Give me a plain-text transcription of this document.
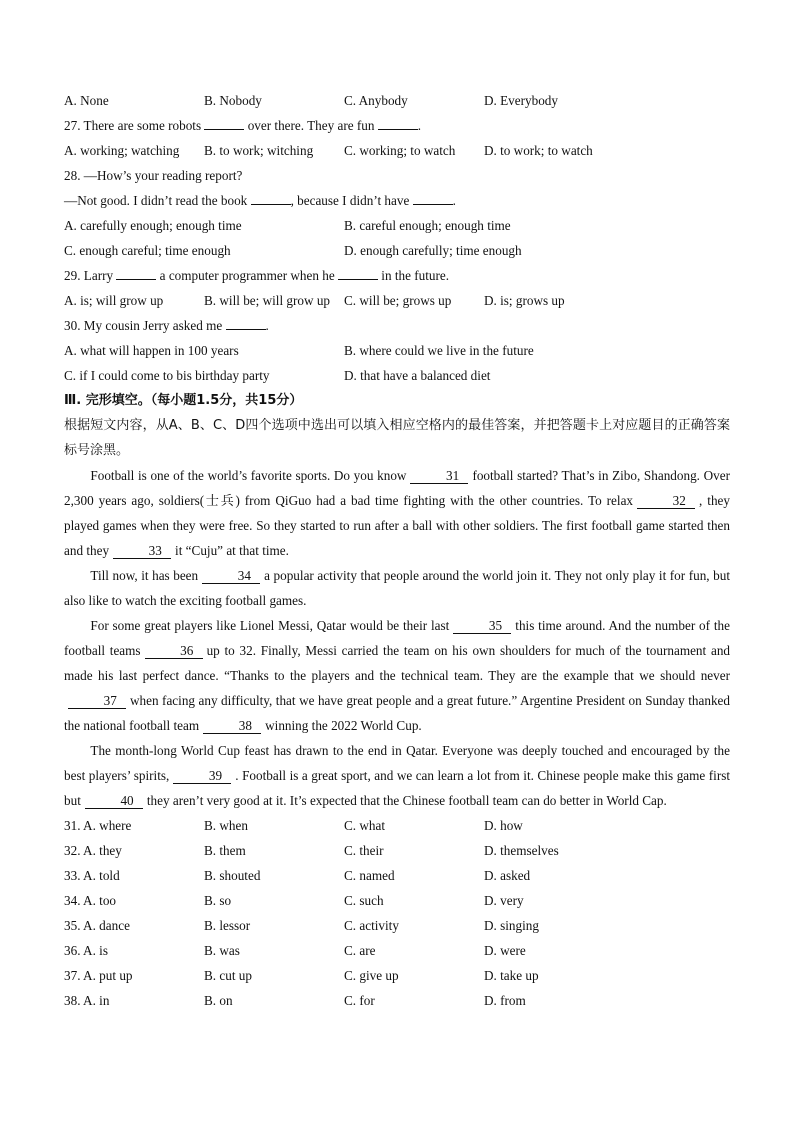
A. None	B. Nobody	C. Anybody	D. Everybody
27. There are some robots	over there. They are fun	.
A. working; watching	B. to work; witching	C. working; to watch	D. to work; to watch
28. —How’s your reading report?
—Not good. I didn’t read the book	, because I didn’t have	.
A. carefully enough; enough time	B. careful enough; enough time
C. enough careful; time enough	D. enough carefully; time enough
29. Larry	a computer programmer when he	in the future.
A. is; will grow up	B. will be; will grow up	C. will be; grows up	D. is; grows up
30. My cousin Jerry asked me	.
A. what will happen in 100 years	B. where could we live in the future
C. if I could come to bis birthday party	D. that have a balanced diet
Ⅲ. 完形填空。（每小题1.5分，共15分）
根据短文内容，从A、B、C、D四个选项中选出可以填入相应空格内的最佳答案，并把答题卡上对应题目的正确答案标号涂黑。
Football is one of the world’s favorite sports. Do you know	31 football started? That’s in Zibo, Shandong. Over 2,300 years ago, soldiers(士兵) from QiGuo had a bad time fighting with the other countries. To relax	32 , they played games when they were free. So they started to run after a ball with other soldiers. The first football game started then and they	33 it “Cuju” at that time.
Till now, it has been	34 a popular activity that people around the world join it. They not only play it for fun, but also like to watch the exciting football games.
For some great players like Lionel Messi, Qatar would be their last	35 this time around. And the number of the football teams	36 up to 32. Finally, Messi carried the team on his own shoulders for much of the tournament and made his last perfect dance. “Thanks to the players and the technical team. They are the example that we should never37 when facing any difficulty, that we have great people and a great future.” Argentine President on Sunday thanked the national football team	38 winning the 2022 World Cup.
The month-long World Cup feast has drawn to the end in Qatar. Everyone was deeply touched and encouraged by the best players’ spirits,	39 . Football is a great sport, and we can learn a lot from it. Chinese people make this game first but	40 they aren’t very good at it. It’s expected that the Chinese football team can do better in World Cap.
31. A. where	B. when	C. what	D. how
32. A. they	B. them	C. their	D. themselves
33. A. told	B. shouted	C. named	D. asked
34. A. too	B. so	C. such	D. very
35. A. dance	B. lessor	C. activity	D. singing
36. A. is	B. was	C. are	D. were
37. A. put up	B. cut up	C. give up	D. take up
38. A. in	B. on	C. for	D. from
